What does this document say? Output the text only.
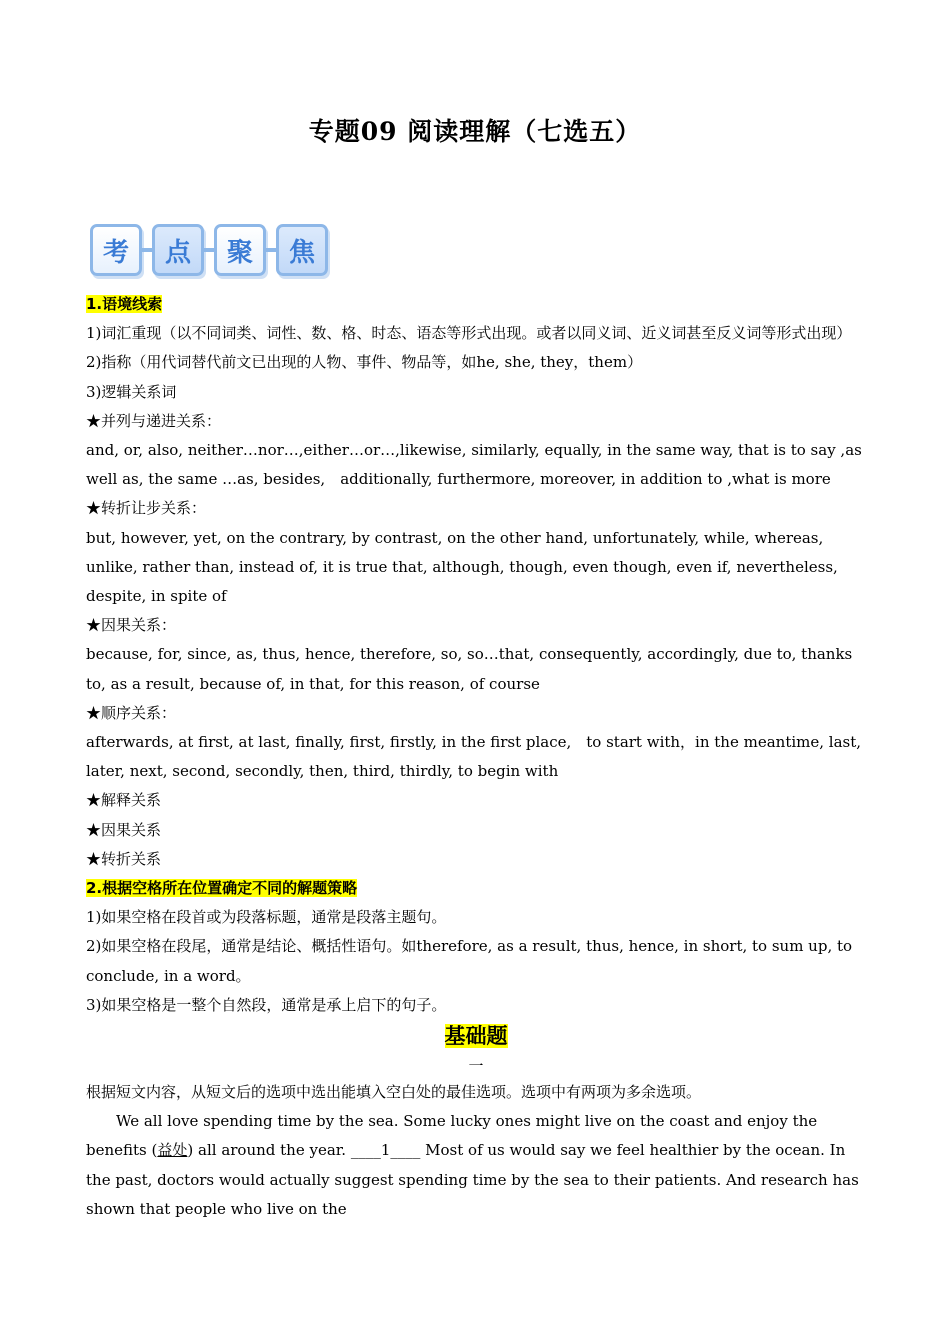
专题09 阅读理解（七选五）
考	点	聚	焦

1.语境线索

1)词汇重现（以不同词类、词性、数、格、时态、语态等形式出现。或者以同义词、近义词甚至反义词等形式出现）

2)指称（用代词替代前文已出现的人物、事件、物品等，如he, she, they，them）

3)逻辑关系词

★并列与递进关系：

and, or, also, neither…nor…,either…or…,likewise, similarly, equally, in the same way, that is to say ,as well as, the same …as, besides,　additionally, furthermore, moreover, in addition to ,what is more

★转折让步关系：

but, however, yet, on the contrary, by contrast, on the other hand, unfortunately, while, whereas, unlike, rather than, instead of, it is true that, although, though, even though, even if, nevertheless, despite, in spite of

★因果关系：

because, for, since, as, thus, hence, therefore, so, so…that, consequently, accordingly, due to, thanks to, as a result, because of, in that, for this reason, of course

★顺序关系：

afterwards, at first, at last, finally, first, firstly, in the first place,　to start with，in the meantime, last, later, next, second, secondly, then, third, thirdly, to begin with

★解释关系

★因果关系

★转折关系

2.根据空格所在位置确定不同的解题策略

1)如果空格在段首或为段落标题，通常是段落主题句。

2)如果空格在段尾，通常是结论、概括性语句。如therefore, as a result, thus, hence, in short, to sum up, to conclude, in a word。

3)如果空格是一整个自然段，通常是承上启下的句子。

基础题

一

根据短文内容，从短文后的选项中选出能填入空白处的最佳选项。选项中有两项为多余选项。

We all love spending time by the sea. Some lucky ones might live on the coast and enjoy the benefits (益处) all around the year. ____1____ Most of us would say we feel healthier by the ocean. In the past, doctors would actually suggest spending time by the sea to their patients. And research has shown that people who live on the
